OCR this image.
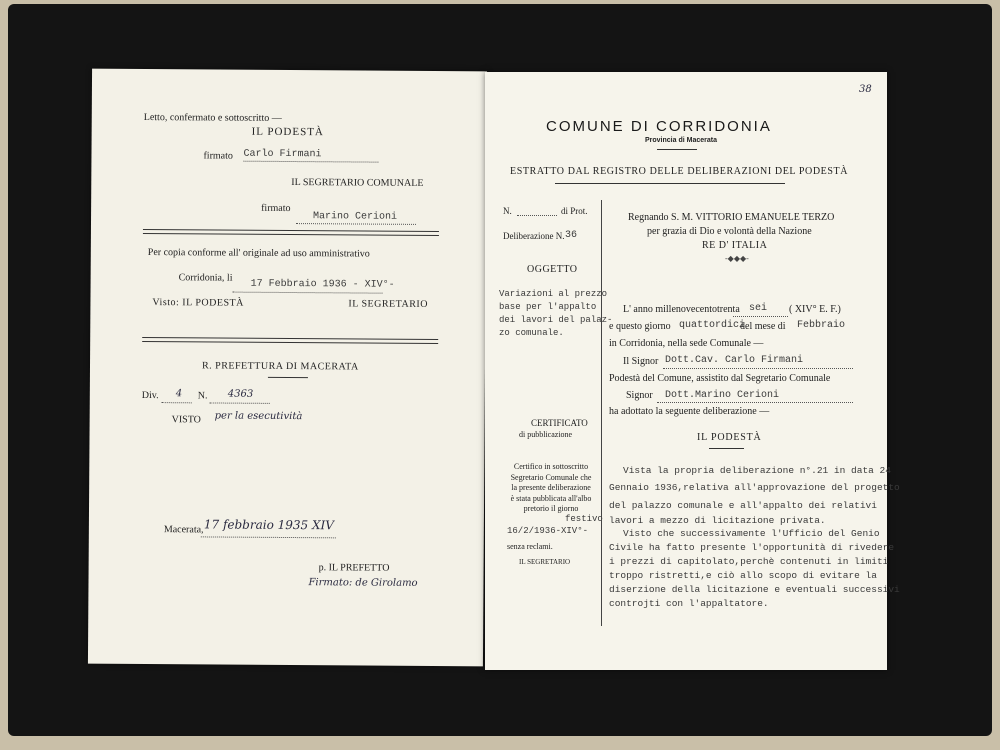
Letto, confermato e sottoscritto —
IL PODESTÀ
firmato Carlo Firmani
IL SEGRETARIO COMUNALE
firmato
Marino Cerioni
Per copia conforme all' originale ad uso amministrativo
Corridonia, li
17 Febbraio 1936 - XIV°-
Visto: IL PODESTÀ	IL SEGRETARIO
R. PREFETTURA DI MACERATA
Div. 4 N. 4363
VISTO per la esecutività
Macerata, 17 febbraio 1935 XIV
p. IL PREFETTO
Firmato: de Girolamo
38
COMUNE DI CORRIDONIA
Provincia di Macerata
ESTRATTO DAL REGISTRO DELLE DELIBERAZIONI DEL PODESTÀ
N.	di Prot.
Deliberazione N. 36
OGGETTO
Variazioni al prezzo
base per l'appalto
dei lavori del palaz-
zo comunale.
CERTIFICATO
di pubblicazione
Certifico in sottoscritto
Segretario Comunale che
la presente deliberazione
è stata pubblicata all'albo
pretorio il giorno
festivo
16/2/1936-XIV°-
senza reclami.
IL SEGRETARIO
Regnando S. M. VITTORIO EMANUELE TERZO
per grazia di Dio e volontà della Nazione
RE D' ITALIA
-◆◆◆-
L' anno millenovecentotrenta sei ( XIV° E. F.)
e questo giorno quattordici
del mese di Febbraio
in Corridonia, nella sede Comunale —
Il Signor Dott.Cav. Carlo Firmani
Podestà del Comune, assistito dal Segretario Comunale
Signor Dott.Marino Cerioni
ha adottato la seguente deliberazione —
IL PODESTÀ
Vista la propria deliberazione n°.21 in data 24
Gennaio 1936,relativa all'approvazione del progetto
del palazzo comunale e all'appalto dei relativi
lavori a mezzo di licitazione privata.
Visto che successivamente l'Ufficio del Genio
Civile ha fatto presente l'opportunità di rivedere
i prezzi di capitolato,perchè contenuti in limiti
troppo ristretti,e ciò allo scopo di evitare la
diserzione della licitazione e eventuali successivi
controjti con l'appaltatore.
